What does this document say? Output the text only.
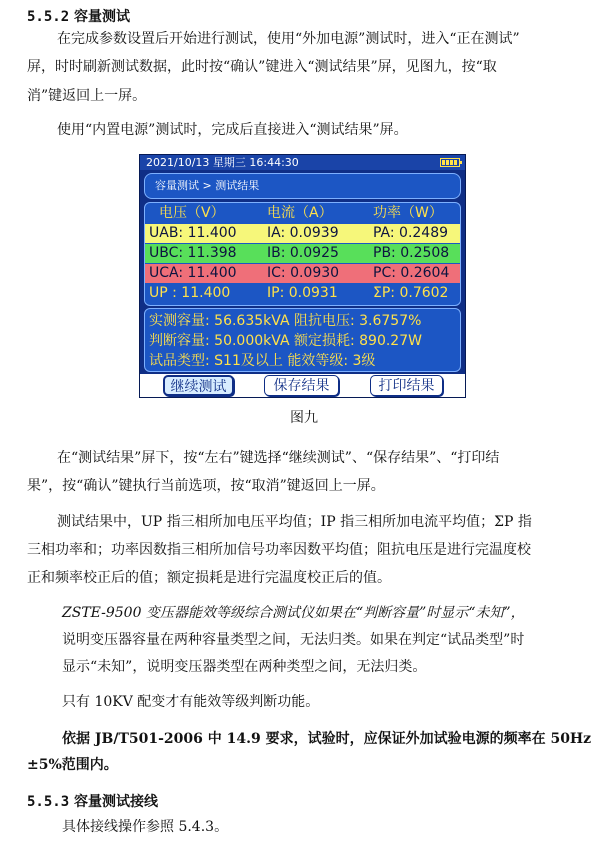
5.5.2 容量测试
在完成参数设置后开始进行测试，使用“外加电源”测试时，进入“正在测试”
屏，时时刷新测试数据，此时按“确认”键进入“测试结果”屏，见图九，按“取
消”键返回上一屏。
使用“内置电源”测试时，完成后直接进入“测试结果”屏。
2021/10/13 星期三 16:44:30
容量测试 > 测试结果
电压（V）	电流（A）	功率（W）
UAB: 11.400 IA: 0.0939 PA: 0.2489
UBC: 11.398 IB: 0.0925 PB: 0.2508
UCA: 11.400 IC: 0.0930 PC: 0.2604
UP : 11.400	IP: 0.0931	ΣP: 0.7602
实测容量: 56.635kVA 阻抗电压: 3.6757%
判断容量: 50.000kVA 额定损耗: 890.27W
试品类型: S11及以上 能效等级: 3级
继续测试	保存结果	打印结果
图九
在“测试结果”屏下，按“左右”键选择“继续测试”、“保存结果”、“打印结
果”，按“确认”键执行当前选项，按“取消”键返回上一屏。
测试结果中，UP 指三相所加电压平均值；IP 指三相所加电流平均值；ΣP 指
三相功率和；功率因数指三相所加信号功率因数平均值；阻抗电压是进行完温度校
正和频率校正后的值；额定损耗是进行完温度校正后的值。
ZSTE-9500 变压器能效等级综合测试仪如果在“判断容量”时显示“未知”，
说明变压器容量在两种容量类型之间，无法归类。如果在判定“试品类型”时
显示“未知”，说明变压器类型在两种类型之间，无法归类。
只有 10KV 配变才有能效等级判断功能。
依据 JB/T501-2006 中 14.9 要求，试验时，应保证外加试验电源的频率在 50Hz
±5%范围内。
5.5.3 容量测试接线
具体接线操作参照 5.4.3。
